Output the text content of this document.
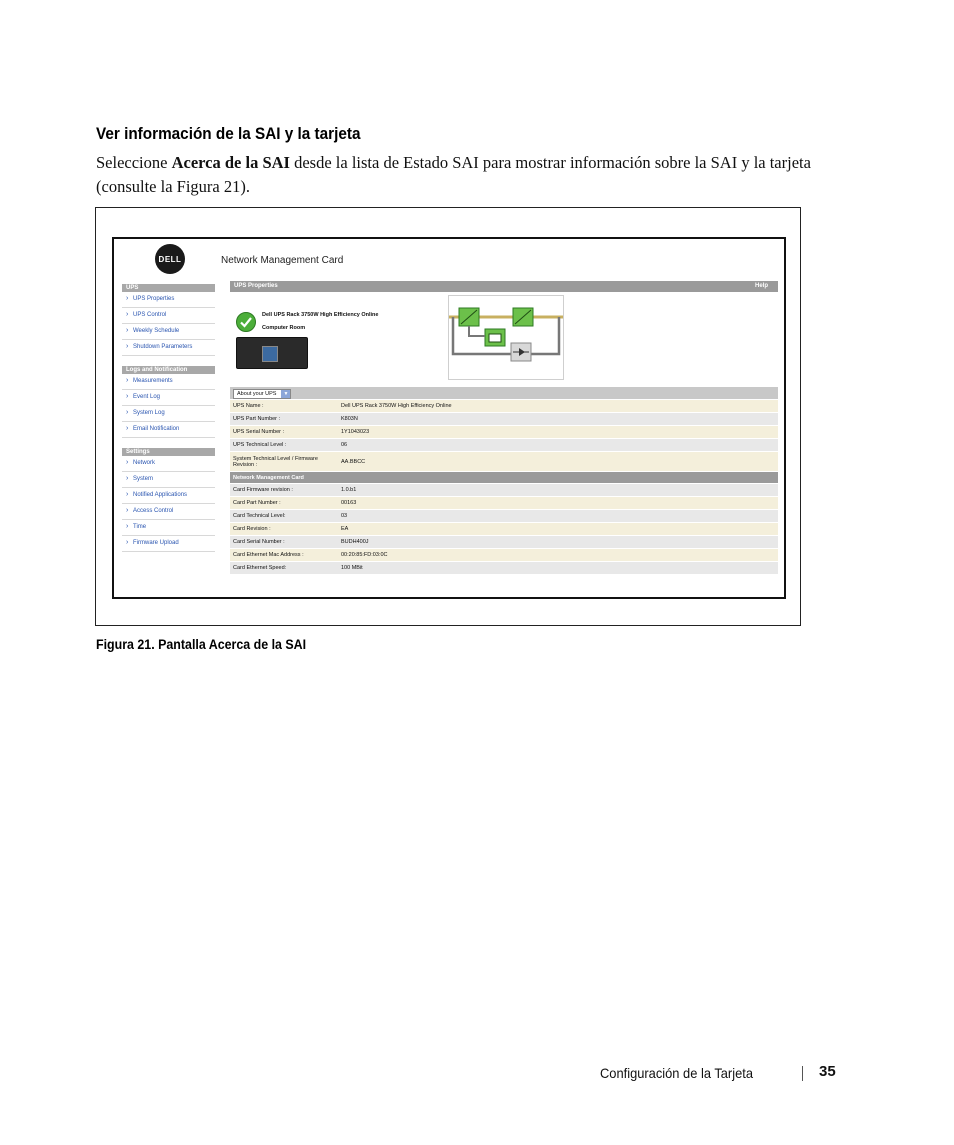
Ver información de la SAI y la tarjeta
Seleccione Acerca de la SAI desde la lista de Estado SAI para mostrar información sobre la SAI y la tarjeta (consulte la Figura 21).
DELL	Network Management Card
UPS
› UPS Properties
› UPS Control
› Weekly Schedule
› Shutdown Parameters
Logs and Notification
› Measurements
› Event Log
› System Log
› Email Notification
Settings
› Network
› System
› Notified Applications
› Access Control
› Time
› Firmware Upload
UPS Properties	Help
Dell UPS Rack 3750W High Efficiency Online
Computer Room
About your UPS	▼
UPS Name :	Dell UPS Rack 3750W High Efficiency Online
UPS Part Number :	K803N
UPS Serial Number :	1Y1043023
UPS Technical Level :	06
System Technical Level / Firmware Revision :	AA.BBCC
Network Management Card	
Card Firmware revision :	1.0.b1
Card Part Number :	00163
Card Technical Level:	03
Card Revision :	EA
Card Serial Number :	BUDH400J
Card Ethernet Mac Address :	00:20:85:FD:03:0C
Card Ethernet Speed:	100 MBit
Figura 21. Pantalla Acerca de la SAI
Configuración de la Tarjeta	35
